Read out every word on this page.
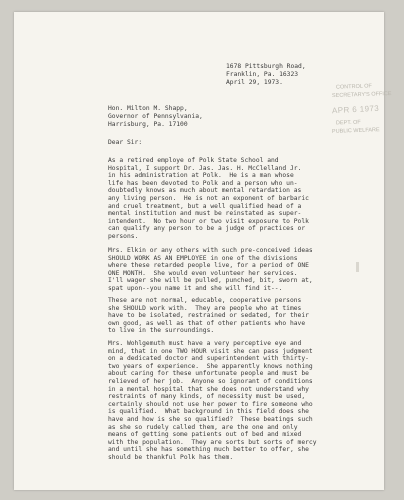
1678 Pittsburgh Road,
Franklin, Pa. 16323
April 29, 1973.
CONTROL OF
SECRETARY'S OFFICE
APR 6 1973
DEPT. OF
PUBLIC WELFARE
Hon. Milton M. Shapp,
Governor of Pennsylvania,
Harrisburg, Pa. 17100
Dear Sir:
As a retired employe of Polk State School and
Hospital, I support Dr. Jas. Jas. H. McClelland Jr.
in his administration at Polk.  He is a man whose
life has been devoted to Polk and a person who un-
doubtedly knows as much about mental retardation as
any living person.  He is not an exponent of barbaric
and cruel treatment, but a well qualified head of a
mental institution and must be reinstated as super-
intendent.  No two hour or two visit exposure to Polk
can qualify any person to be a judge of practices or
persons.
Mrs. Elkin or any others with such pre-conceived ideas
SHOULD WORK AS AN EMPLOYEE in one of the divisions
where these retarded people live, for a period of ONE
ONE MONTH.  She would even volunteer her services.
I'll wager she will be pulled, punched, bit, sworn at,
spat upon--you name it and she will find it--.
These are not normal, educable, cooperative persons
she SHOULD work with.  They are people who at times
have to be isolated, restrained or sedated, for their
own good, as well as that of other patients who have
to live in the surroundings.
Mrs. Wohlgemuth must have a very perceptive eye and
mind, that in one TWO HOUR visit she can pass judgment
on a dedicated doctor and superintendent with thirty-
two years of experience.  She apparently knows nothing
about caring for these unfortunate people and must be
relieved of her job.  Anyone so ignorant of conditions
in a mental hospital that she does not understand why
restraints of many kinds, of necessity must be used,
certainly should not use her power to fire someone who
is qualified.  What background in this field does she
have and how is she so qualified?  These beatings such
as she so rudely called them, are the one and only
means of getting some patients out of bed and mixed
with the population.  They are sorts but sorts of mercy
and until she has something much better to offer, she
should be thankful Polk has them.
